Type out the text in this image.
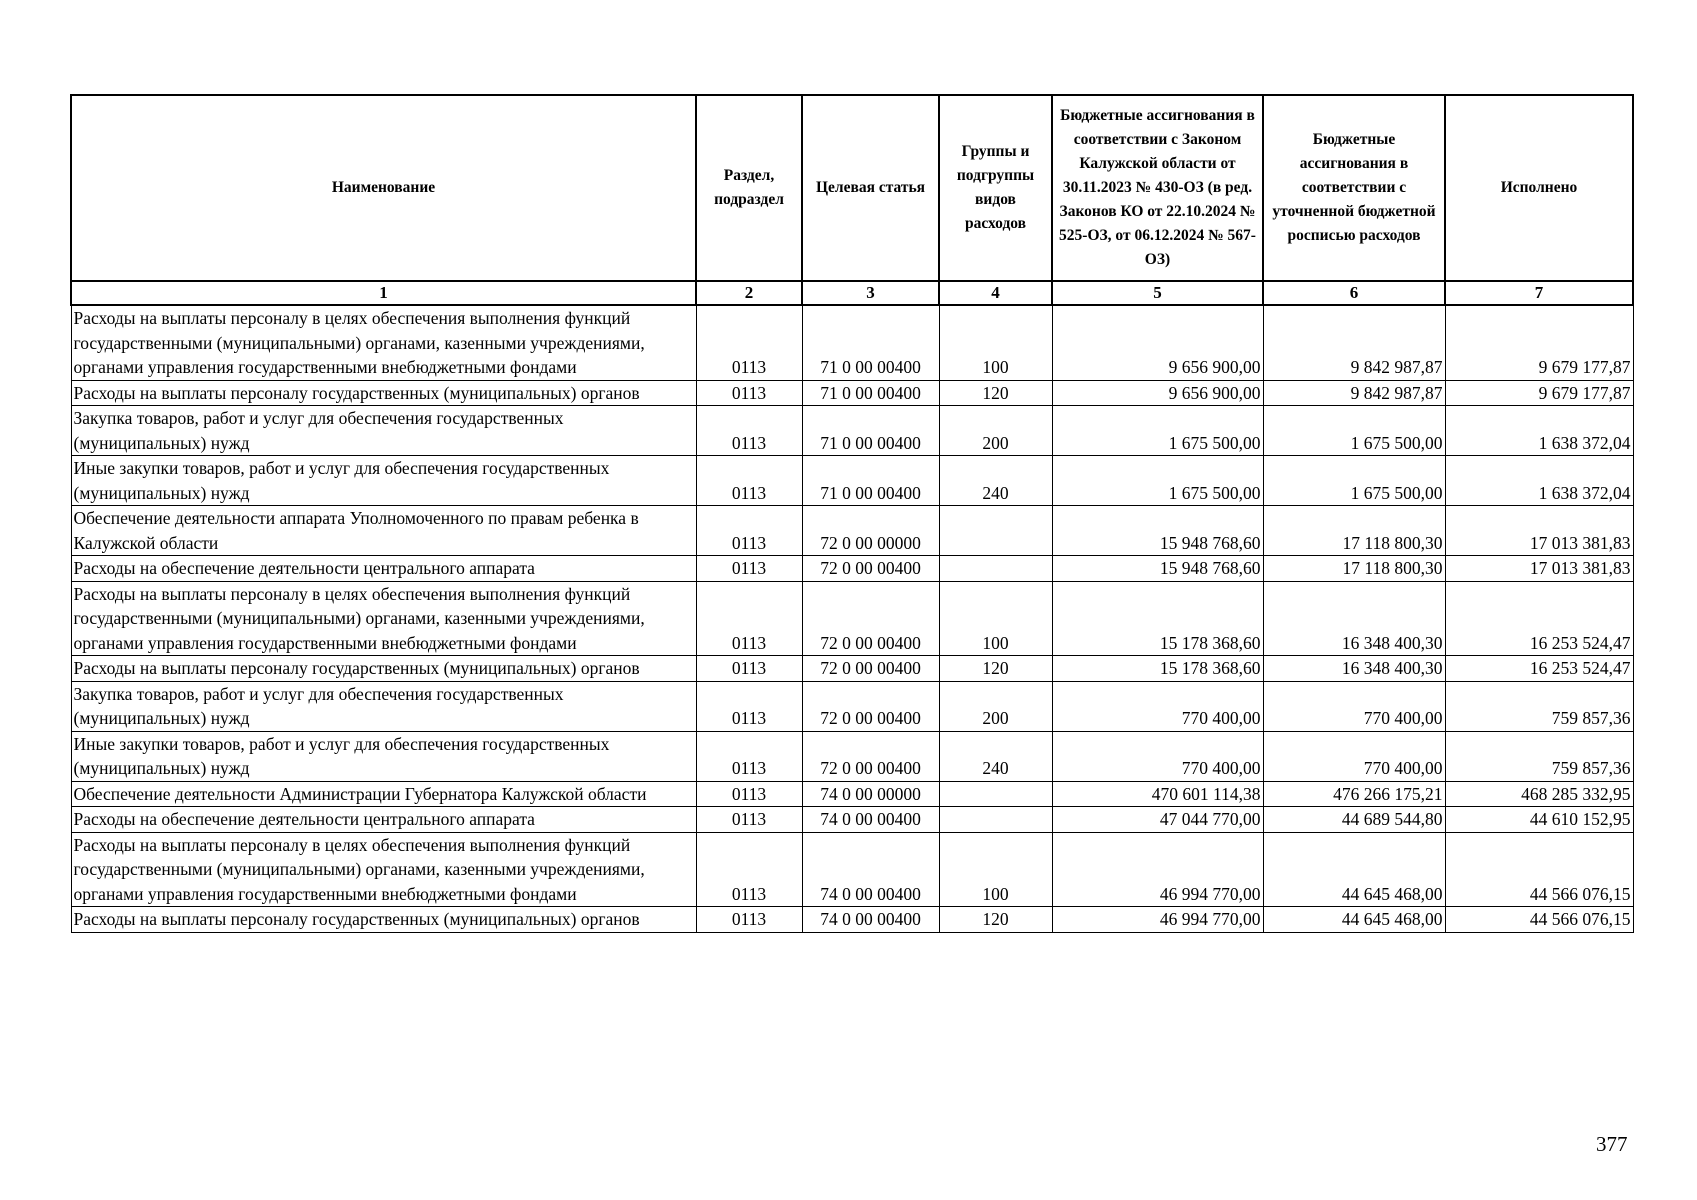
Наименование	Раздел, подраздел	Целевая статья	Группы и подгруппы видов расходов	Бюджетные ассигнования в соответствии с Законом Калужской области от 30.11.2023 № 430-ОЗ (в ред. Законов КО от 22.10.2024 № 525-ОЗ, от 06.12.2024 № 567-ОЗ)	Бюджетные ассигнования в соответствии с уточненной бюджетной росписью расходов	Исполнено
1	2	3	4	5	6	7
Расходы на выплаты персоналу в целях обеспечения выполнения функций государственными (муниципальными) органами, казенными учреждениями, органами управления государственными внебюджетными фондами	0113	71 0 00 00400	100	9 656 900,00	9 842 987,87	9 679 177,87
Расходы на выплаты персоналу государственных (муниципальных) органов	0113	71 0 00 00400	120	9 656 900,00	9 842 987,87	9 679 177,87
Закупка товаров, работ и услуг для обеспечения государственных (муниципальных) нужд	0113	71 0 00 00400	200	1 675 500,00	1 675 500,00	1 638 372,04
Иные закупки товаров, работ и услуг для обеспечения государственных (муниципальных) нужд	0113	71 0 00 00400	240	1 675 500,00	1 675 500,00	1 638 372,04
Обеспечение деятельности аппарата Уполномоченного по правам ребенка в Калужской области	0113	72 0 00 00000		15 948 768,60	17 118 800,30	17 013 381,83
Расходы на обеспечение деятельности центрального аппарата	0113	72 0 00 00400		15 948 768,60	17 118 800,30	17 013 381,83
Расходы на выплаты персоналу в целях обеспечения выполнения функций государственными (муниципальными) органами, казенными учреждениями, органами управления государственными внебюджетными фондами	0113	72 0 00 00400	100	15 178 368,60	16 348 400,30	16 253 524,47
Расходы на выплаты персоналу государственных (муниципальных) органов	0113	72 0 00 00400	120	15 178 368,60	16 348 400,30	16 253 524,47
Закупка товаров, работ и услуг для обеспечения государственных (муниципальных) нужд	0113	72 0 00 00400	200	770 400,00	770 400,00	759 857,36
Иные закупки товаров, работ и услуг для обеспечения государственных (муниципальных) нужд	0113	72 0 00 00400	240	770 400,00	770 400,00	759 857,36
Обеспечение деятельности Администрации Губернатора Калужской области	0113	74 0 00 00000		470 601 114,38	476 266 175,21	468 285 332,95
Расходы на обеспечение деятельности центрального аппарата	0113	74 0 00 00400		47 044 770,00	44 689 544,80	44 610 152,95
Расходы на выплаты персоналу в целях обеспечения выполнения функций государственными (муниципальными) органами, казенными учреждениями, органами управления государственными внебюджетными фондами	0113	74 0 00 00400	100	46 994 770,00	44 645 468,00	44 566 076,15
Расходы на выплаты персоналу государственных (муниципальных) органов	0113	74 0 00 00400	120	46 994 770,00	44 645 468,00	44 566 076,15
377
